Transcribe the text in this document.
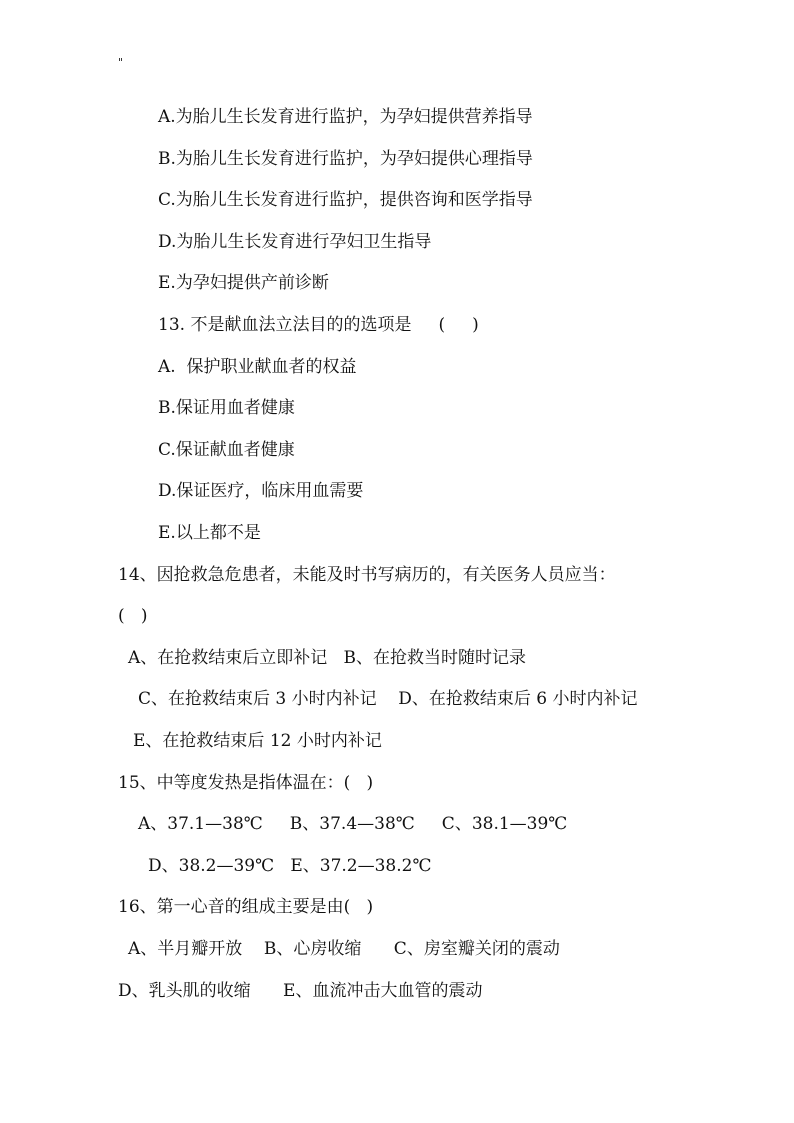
"
A.为胎儿生长发育进行监护，为孕妇提供营养指导
B.为胎儿生长发育进行监护，为孕妇提供心理指导
C.为胎儿生长发育进行监护，提供咨询和医学指导
D.为胎儿生长发育进行孕妇卫生指导
E.为孕妇提供产前诊断
13. 不是献血法立法目的的选项是     (     )
A.  保护职业献血者的权益
B.保证用血者健康
C.保证献血者健康
D.保证医疗，临床用血需要
E.以上都不是
14、因抢救急危患者，未能及时书写病历的，有关医务人员应当：
(   )
A、在抢救结束后立即补记   B、在抢救当时随时记录
C、在抢救结束后 3 小时内补记    D、在抢救结束后 6 小时内补记
E、在抢救结束后 12 小时内补记
15、中等度发热是指体温在：(   )
A、37.1—38℃     B、37.4—38℃     C、38.1—39℃
D、38.2—39℃   E、37.2—38.2℃
16、第一心音的组成主要是由(   )
A、半月瓣开放    B、心房收缩      C、房室瓣关闭的震动
D、乳头肌的收缩      E、血流冲击大血管的震动
